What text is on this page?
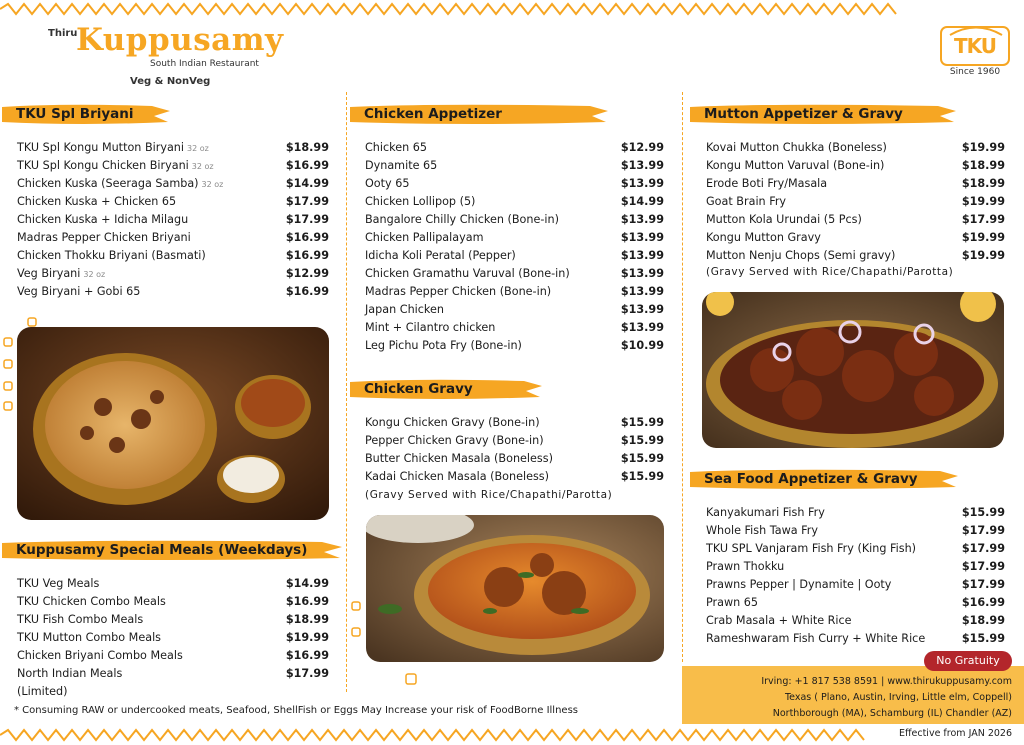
Thiru
Kuppusamy
South Indian Restaurant
Veg & NonVeg
TKU
Since 1960
TKU Spl Briyani
TKU Spl Kongu Mutton Biryani 32 oz	$18.99
TKU Spl Kongu Chicken Biryani 32 oz	$16.99
Chicken Kuska (Seeraga Samba) 32 oz	$14.99
Chicken Kuska + Chicken 65	$17.99
Chicken Kuska + Idicha Milagu	$17.99
Madras Pepper Chicken Briyani	$16.99
Chicken Thokku Briyani (Basmati)	$16.99
Veg Biryani 32 oz	$12.99
Veg Biryani + Gobi 65	$16.99
Kuppusamy Special Meals (Weekdays)
TKU Veg Meals	$14.99
TKU Chicken Combo Meals	$16.99
TKU Fish Combo Meals	$18.99
TKU Mutton Combo Meals	$19.99
Chicken Briyani Combo Meals	$16.99
North Indian Meals	$17.99
(Limited)
Chicken Appetizer
Chicken 65	$12.99
Dynamite 65	$13.99
Ooty 65	$13.99
Chicken Lollipop (5)	$14.99
Bangalore Chilly Chicken (Bone-in)	$13.99
Chicken Pallipalayam	$13.99
Idicha Koli Peratal (Pepper)	$13.99
Chicken Gramathu Varuval (Bone-in)	$13.99
Madras Pepper Chicken (Bone-in)	$13.99
Japan Chicken	$13.99
Mint + Cilantro chicken	$13.99
Leg Pichu Pota Fry (Bone-in)	$10.99
Chicken Gravy
Kongu Chicken Gravy (Bone-in)	$15.99
Pepper Chicken Gravy (Bone-in)	$15.99
Butter Chicken Masala (Boneless)	$15.99
Kadai Chicken Masala (Boneless)	$15.99
(Gravy Served with Rice/Chapathi/Parotta)
Mutton Appetizer & Gravy
Kovai Mutton Chukka (Boneless)	$19.99
Kongu Mutton Varuval (Bone-in)	$18.99
Erode Boti Fry/Masala	$18.99
Goat Brain Fry	$19.99
Mutton Kola Urundai (5 Pcs)	$17.99
Kongu Mutton Gravy	$19.99
Mutton Nenju Chops (Semi gravy)	$19.99
(Gravy Served with Rice/Chapathi/Parotta)
Sea Food Appetizer & Gravy
Kanyakumari Fish Fry	$15.99
Whole Fish Tawa Fry	$17.99
TKU SPL Vanjaram Fish Fry (King Fish)	$17.99
Prawn Thokku	$17.99
Prawns Pepper | Dynamite | Ooty	$17.99
Prawn 65	$16.99
Crab Masala + White Rice	$18.99
Rameshwaram Fish Curry + White Rice	$15.99
Irving: +1 817 538 8591 | www.thirukuppusamy.com
Texas ( Plano, Austin, Irving, Little elm, Coppell)
Northborough (MA), Schamburg (IL) Chandler (AZ)
No Gratuity
Effective from JAN 2026
* Consuming RAW or undercooked meats, Seafood, ShellFish or Eggs May Increase your risk of FoodBorne Illness
